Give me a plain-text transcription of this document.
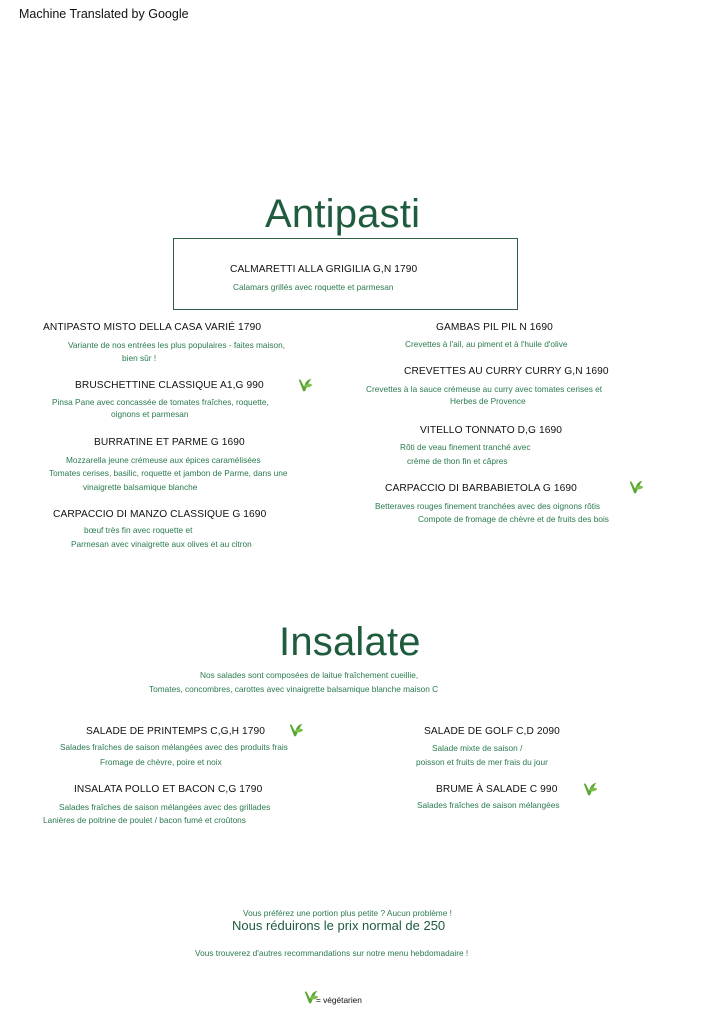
Machine Translated by Google
Antipasti
CALMARETTI ALLA GRIGILIA G,N 1790
Calamars grillés avec roquette et parmesan
ANTIPASTO MISTO DELLA CASA VARIÉ 1790
Variante de nos entrées les plus populaires - faites maison,
bien sûr !
BRUSCHETTINE CLASSIQUE A1,G 990
Pinsa Pane avec concassée de tomates fraîches, roquette,
oignons et parmesan
BURRATINE ET PARME G 1690
Mozzarella jeune crémeuse aux épices caramélisées
Tomates cerises, basilic, roquette et jambon de Parme, dans une
vinaigrette balsamique blanche
CARPACCIO DI MANZO CLASSIQUE G 1690
bœuf très fin avec roquette et
Parmesan avec vinaigrette aux olives et au citron
GAMBAS PIL PIL N 1690
Crevettes à l'ail, au piment et à l'huile d'olive
CREVETTES AU CURRY CURRY G,N 1690
Crevettes à la sauce crémeuse au curry avec tomates cerises et
Herbes de Provence
VITELLO TONNATO D,G 1690
Rôti de veau finement tranché avec
crème de thon fin et câpres
CARPACCIO DI BARBABIETOLA G 1690
Betteraves rouges finement tranchées avec des oignons rôtis
Compote de fromage de chèvre et de fruits des bois
Insalate
Nos salades sont composées de laitue fraîchement cueillie,
Tomates, concombres, carottes avec vinaigrette balsamique blanche maison C
SALADE DE PRINTEMPS C,G,H 1790
Salades fraîches de saison mélangées avec des produits frais
Fromage de chèvre, poire et noix
INSALATA POLLO ET BACON C,G 1790
Salades fraîches de saison mélangées avec des grillades
Lanières de poitrine de poulet / bacon fumé et croûtons
SALADE DE GOLF C,D 2090
Salade mixte de saison /
poisson et fruits de mer frais du jour
BRUME À SALADE C 990
Salades fraîches de saison mélangées
Vous préférez une portion plus petite ? Aucun problème !
Nous réduirons le prix normal de 250
Vous trouverez d'autres recommandations sur notre menu hebdomadaire !
= végétarien
